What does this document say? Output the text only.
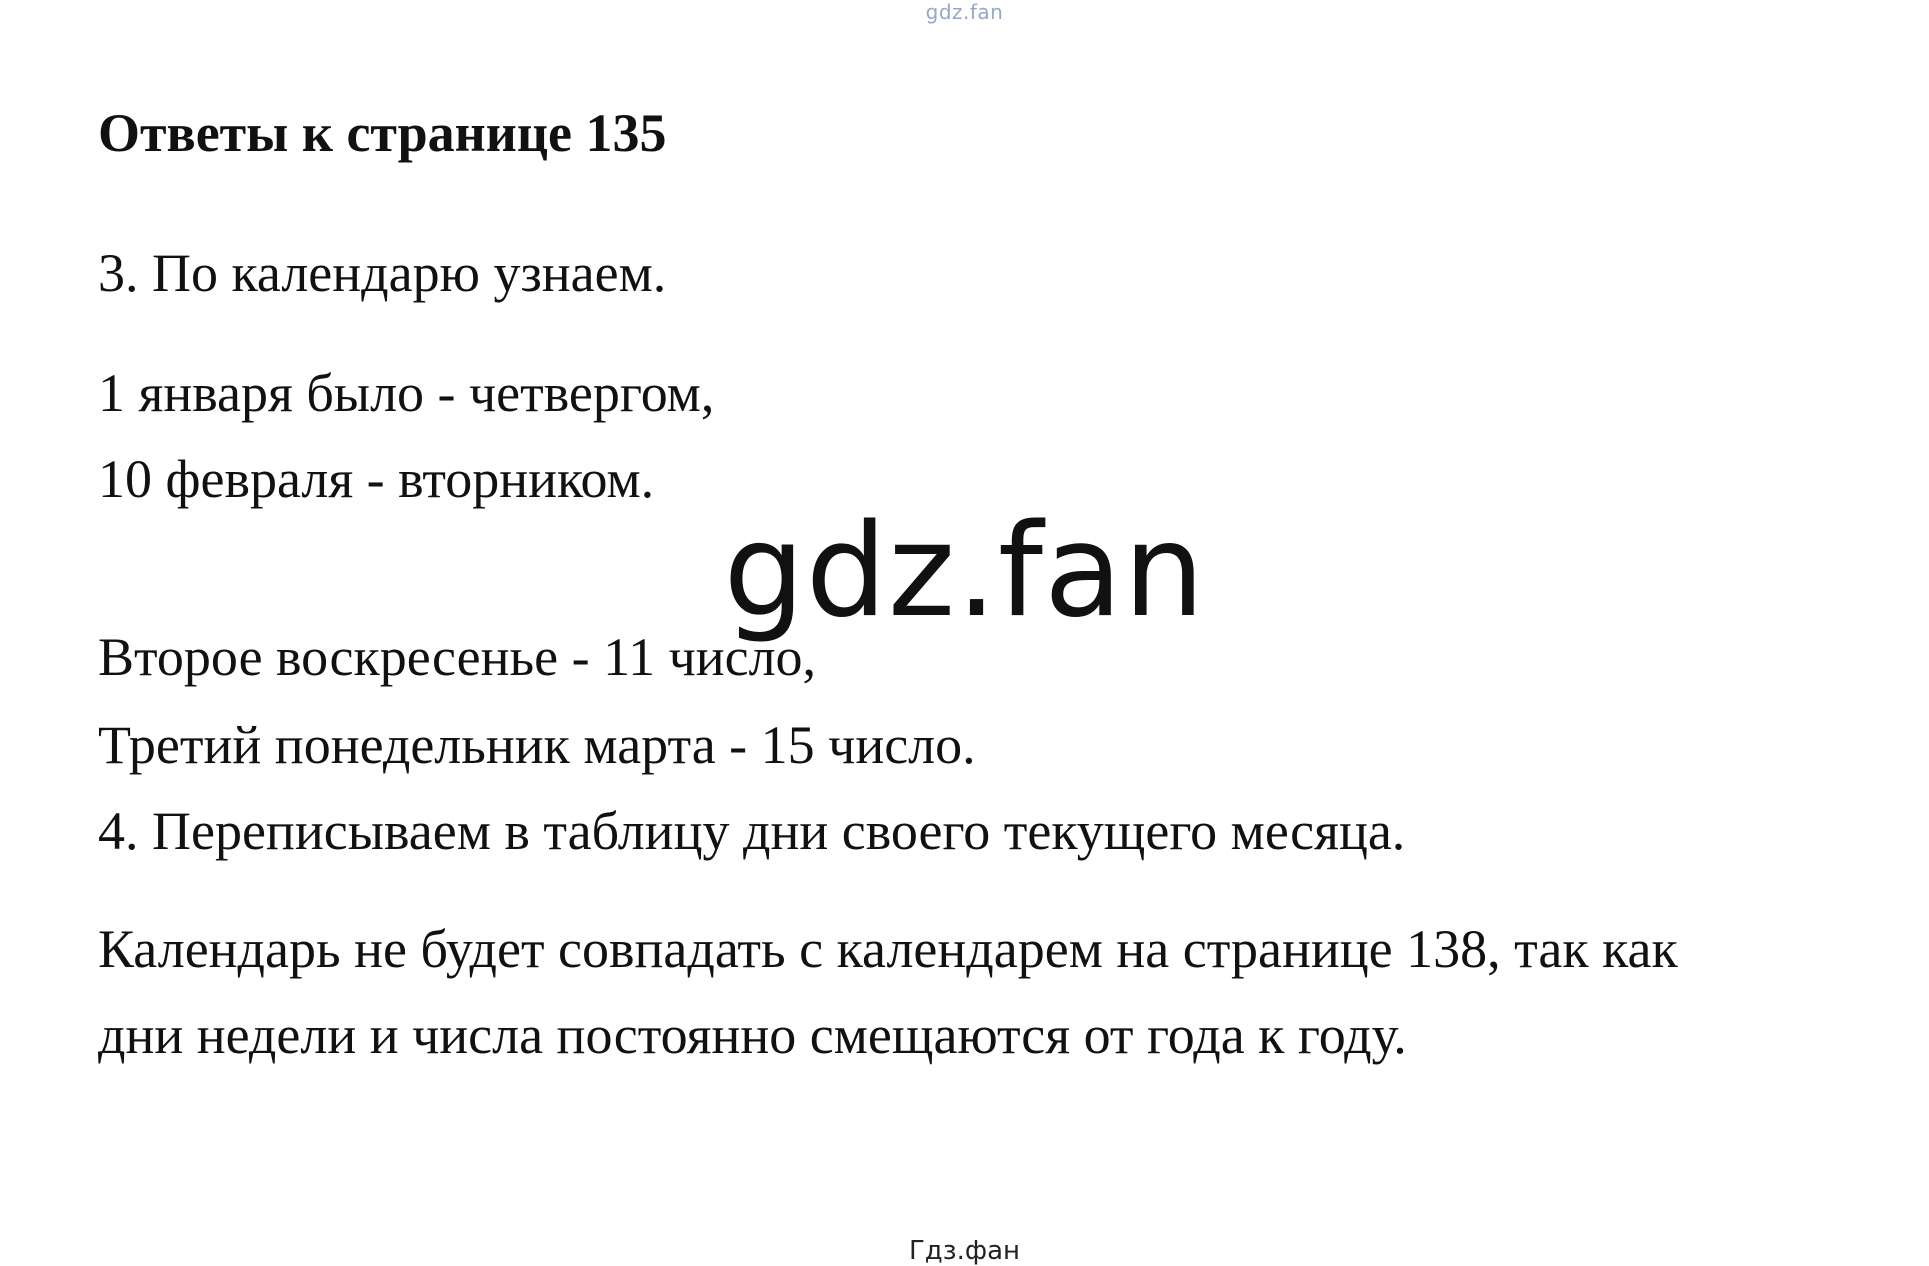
gdz.fan
Ответы к странице 135

3. По календарю узнаем.

1 января было - четвергом,

10 февраля - вторником.

gdz.fan

Второе воскресенье - 11 число,

Третий понедельник марта - 15 число.

4. Переписываем в таблицу дни своего текущего месяца.

Календарь не будет совпадать с календарем на странице 138, так как

дни недели и числа постоянно смещаются от года к году.

Гдз.фан
